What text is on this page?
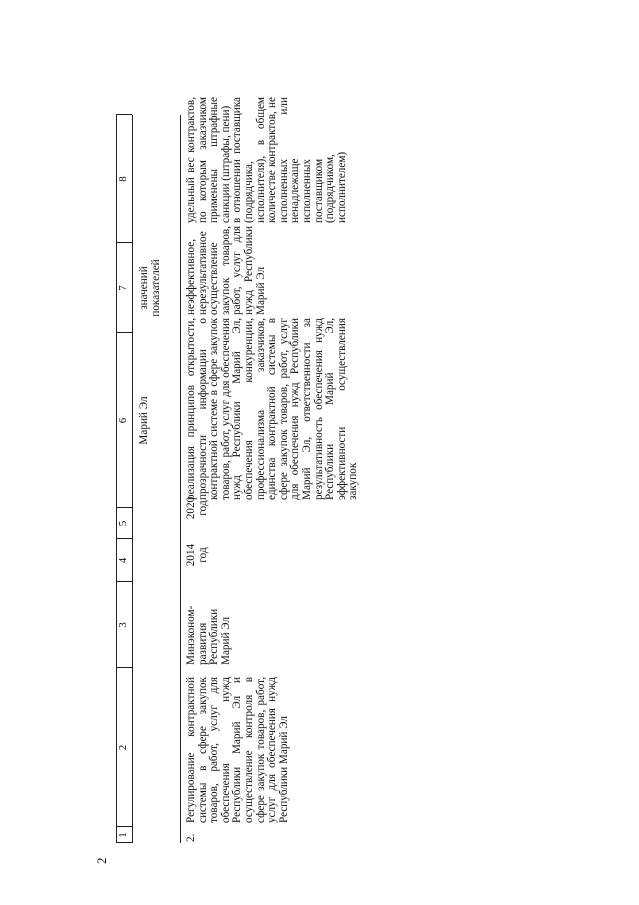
2
1
2
3
4
5
6
7
8
Марий Эл
значений показателей
2.
Регулирование контрактной системы в сфере закупок товаров, работ, услуг для обеспечения нужд Республики Марий Эл и осуществление контроля в сфере закупок товаров, работ, услуг для обеспечения нужд Республики Марий Эл
Минэкономразвития Республики Марий Эл
2014 год
2020 год
реализация принципов открытости, прозрачности информации о контрактной системе в сфере закупок товаров, работ, услуг для обеспечения нужд Республики Марий Эл, обеспечения конкуренции, профессионализма заказчиков, единства контрактной системы в сфере закупок товаров, работ, услуг для обеспечения нужд Республики Марий Эл, ответственности за результативность обеспечения нужд Республики Марий Эл, эффективности осуществления закупок
неэффективное, нерезультативное осуществление закупок товаров, работ, услуг для нужд Республики Марий Эл

удельный вес контрактов, по которым заказчиком применены штрафные санкции (штрафы, пени) в отношении поставщика (подрядчика, исполнителя), в общем количестве контрактов, не исполненных или ненадлежаще исполненных поставщиком (подрядчиком, исполнителем)
